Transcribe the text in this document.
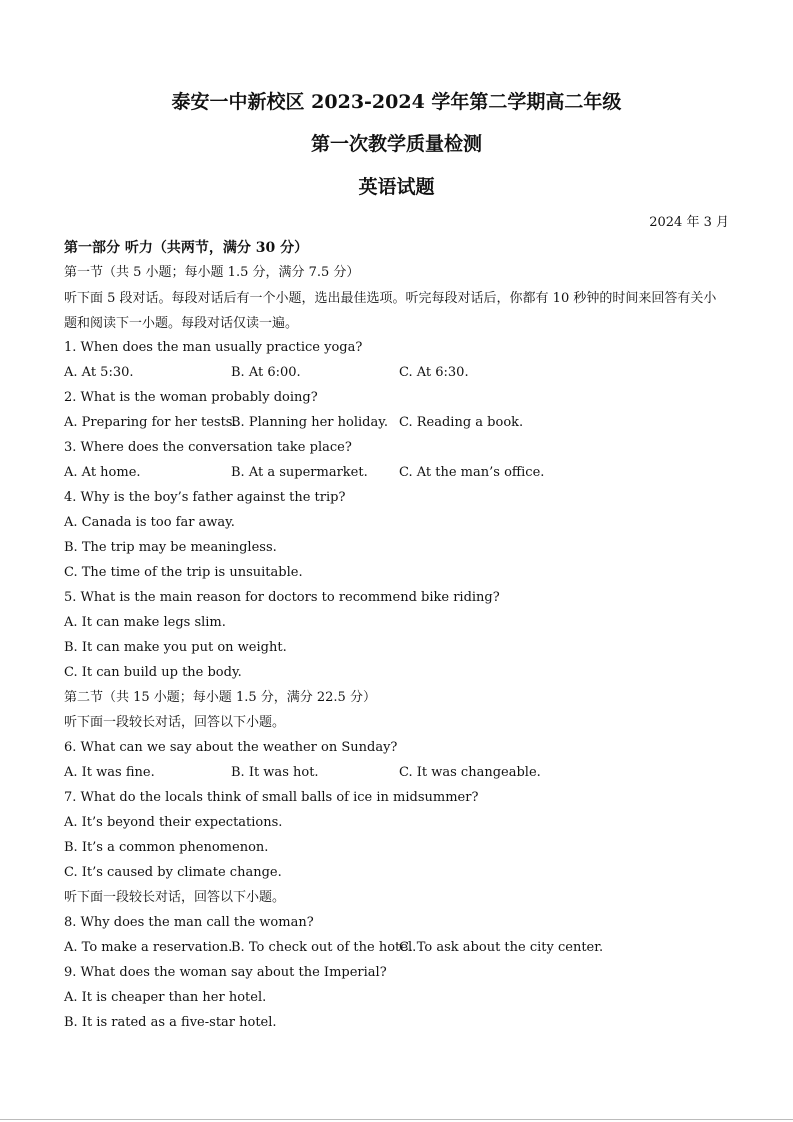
泰安一中新校区 2023-2024 学年第二学期高二年级
第一次教学质量检测
英语试题
2024 年 3 月
第一部分 听力（共两节，满分 30 分）
第一节（共 5 小题；每小题 1.5 分，满分 7.5 分）
听下面 5 段对话。每段对话后有一个小题，选出最佳选项。听完每段对话后，你都有 10 秒钟的时间来回答有关小题和阅读下一小题。每段对话仅读一遍。
1. When does the man usually practice yoga?
A. At 5:30.	B. At 6:00.	C. At 6:30.
2. What is the woman probably doing?
A. Preparing for her tests.
B. Planning her holiday. C. Reading a book.
3. Where does the conversation take place?
A. At home.	B. At a supermarket. C. At the man’s office.
4. Why is the boy’s father against the trip?
A. Canada is too far away.
B. The trip may be meaningless.
C. The time of the trip is unsuitable.
5. What is the main reason for doctors to recommend bike riding?
A. It can make legs slim.
B. It can make you put on weight.
C. It can build up the body.
第二节（共 15 小题；每小题 1.5 分，满分 22.5 分）
听下面一段较长对话，回答以下小题。
6. What can we say about the weather on Sunday?
A. It was fine.	B. It was hot.	C. It was changeable.
7. What do the locals think of small balls of ice in midsummer?
A. It’s beyond their expectations.
B. It’s a common phenomenon.
C. It’s caused by climate change.
听下面一段较长对话，回答以下小题。
8. Why does the man call the woman?
A. To make a reservation.
B. To check out of the hotel.
C. To ask about the city center.
9. What does the woman say about the Imperial?
A. It is cheaper than her hotel.
B. It is rated as a five-star hotel.
